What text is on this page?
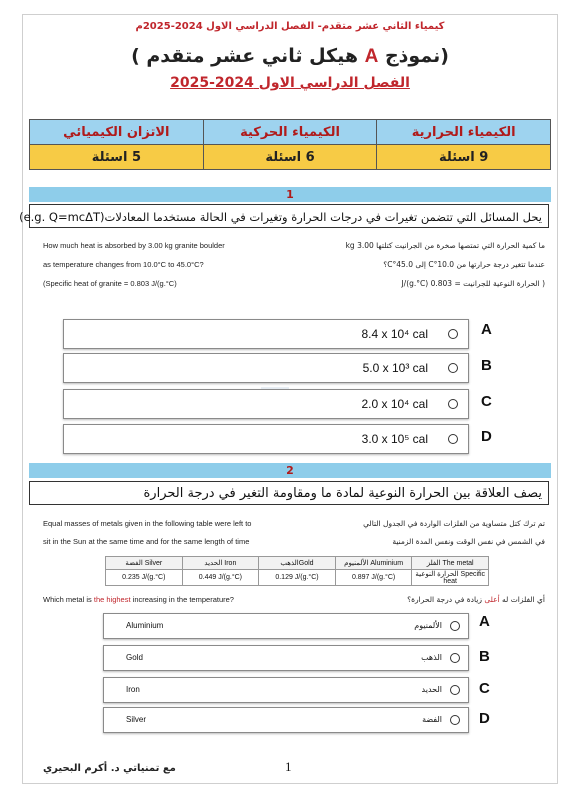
كيمياء الثاني عشر متقدم- الفصل الدراسي الاول 2024-2025م
(نموذج A هيكل ثاني عشر متقدم )
الفصل الدراسي الاول 2024-2025
الكيمياء الحرارية	الكيمياء الحركية	الاتزان الكيميائي
9 اسئلة	6 اسئلة	5 اسئلة
1
يحل المسائل التي تتضمن تغيرات في درجات الحرارة وتغيرات في الحالة مستخدما المعادلات(e.g. Q=mcΔT)
How much heat is absorbed by 3.00 kg granite boulder
as temperature changes from 10.0°C to 45.0°C?
(Specific heat of granite = 0.803 J/(g.°C)
ما كمية الحرارة التي تمتصها صخرة من الجرانيت كتلتها 3.00 kg
عندما تتغير درجة حرارتها من 10.0°C إلى 45.0°C؟
( الحرارة النوعية للجرانيت = 0.803 J/(g.°C)
8.4 x 10⁴ cal	A
5.0 x 10³ cal	B
2.0 x 10⁴ cal	C
3.0 x 10⁵ cal	D
2
يصف العلاقة بين الحرارة النوعية لمادة ما ومقاومة التغير في درجة الحرارة
Equal masses of metals given in the following table were left to
sit in the Sun at the same time and for the same length of time
تم ترك كتل متساوية من الفلزات الواردة في الجدول التالي
في الشمس في نفس الوقت ونفس المدة الزمنية
الفضة Silver	الحديد Iron	الذهبGold	الألمنيوم Aluminium	الفلز The metal
0.235 J/(g.°C)	0.449 J/(g.°C)	0.129 J/(g.°C)	0.897 J/(g.°C)	الحرارة النوعية Specific heat
Which metal is the highest increasing in the temperature?	أي الفلزات له أعلى زيادة في درجة الحرارة؟
Aluminium	الألمنيوم A
Gold	الذهب B
Iron	الحديد C
Silver	الفضة D
مع تمنياتي د. أكرم البحيري	1
